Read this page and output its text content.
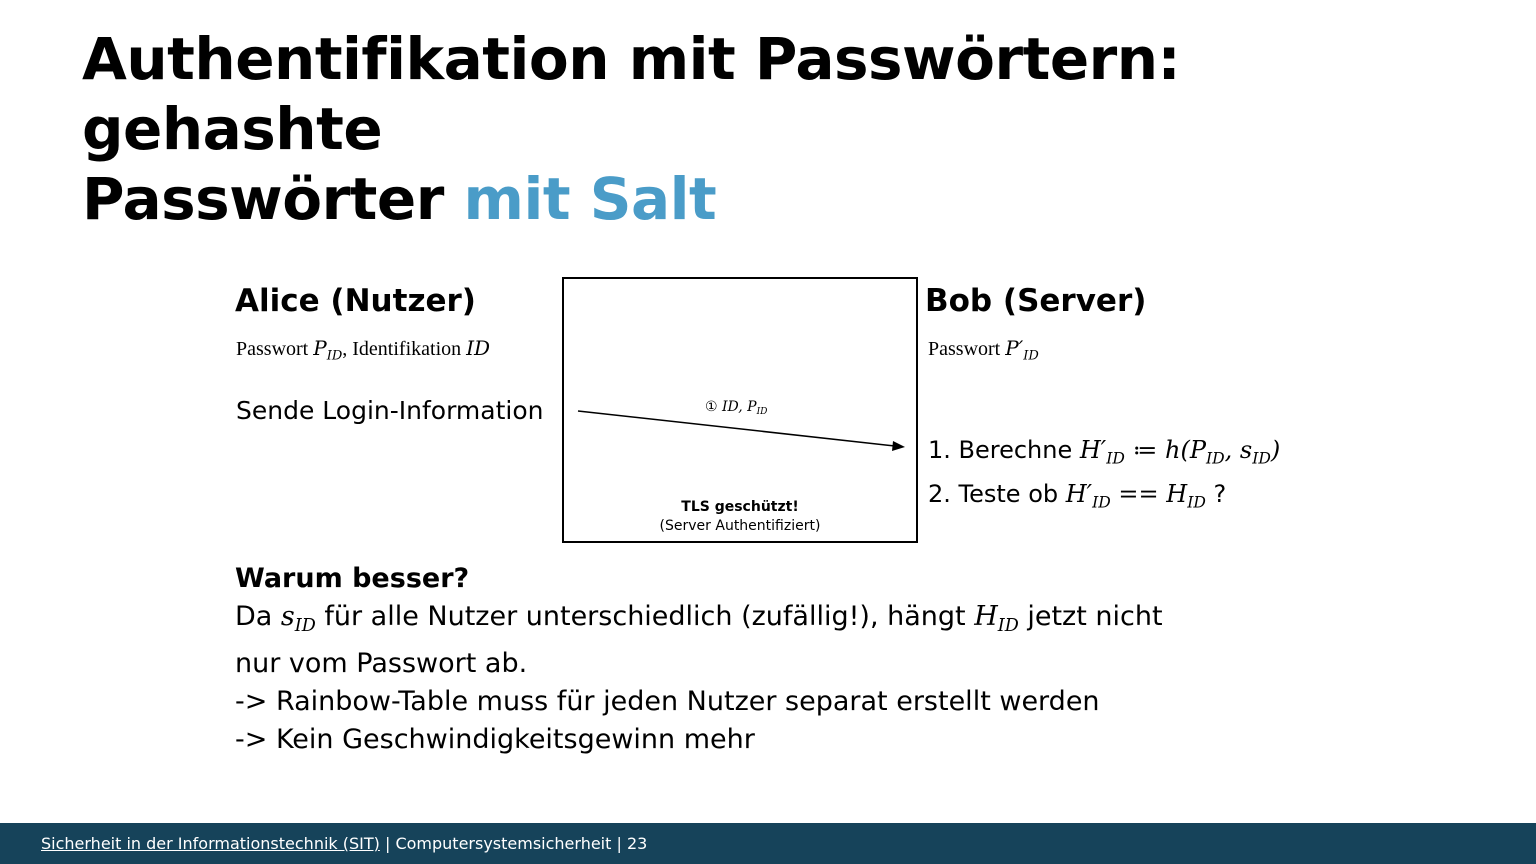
Authentifikation mit Passwörtern: gehashte
Passwörter mit Salt
Alice (Nutzer)
Passwort $P_{ID}$, Identifikation ID
Sende Login-Information
TLS geschützt!
(Server Authentifiziert)
① ID, $P_{ID}$
Bob (Server)
Passwort $P'_{ID}$
1. Berechne $H'_{ID}$ ≔ $h(P_{ID}$, $s_{ID}$)
2. Teste ob $H'_{ID} == H_{ID}$ ?
Warum besser?
Da $s_{ID}$ für alle Nutzer unterschiedlich (zufällig!), hängt $H_{ID}$ jetzt nicht
nur vom Passwort ab.
-> Rainbow-Table muss für jeden Nutzer separat erstellt werden
-> Kein Geschwindigkeitsgewinn mehr
Sicherheit in der Informationstechnik (SIT) | Computersystemsicherheit | 23
